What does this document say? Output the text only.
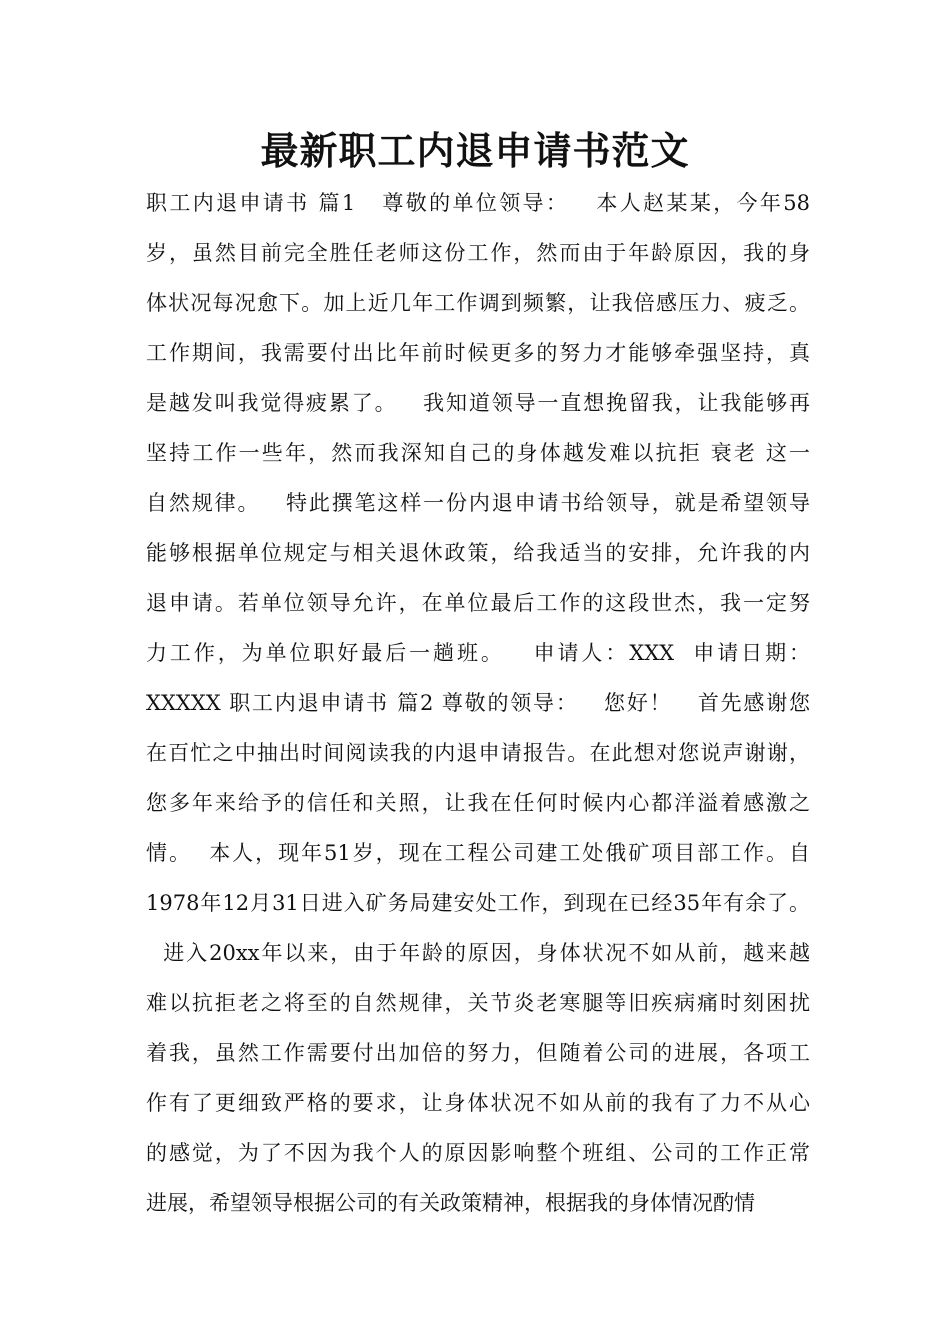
最新职工内退申请书范文
职工内退申请书 篇1   尊敬的单位领导：   本人赵某某，今年58
岁，虽然目前完全胜任老师这份工作，然而由于年龄原因，我的身
体状况每况愈下。加上近几年工作调到频繁，让我倍感压力、疲乏。
工作期间，我需要付出比年前时候更多的努力才能够牵强坚持，真
是越发叫我觉得疲累了。   我知道领导一直想挽留我，让我能够再
坚持工作一些年，然而我深知自己的身体越发难以抗拒 衰老 这一
自然规律。   特此撰笔这样一份内退申请书给领导，就是希望领导
能够根据单位规定与相关退休政策，给我适当的安排，允许我的内
退申请。若单位领导允许，在单位最后工作的这段世杰，我一定努
力工作，为单位职好最后一趟班。   申请人：XXX  申请日期：
XXXXX 职工内退申请书 篇2 尊敬的领导：   您好！   首先感谢您
在百忙之中抽出时间阅读我的内退申请报告。在此想对您说声谢谢，
您多年来给予的信任和关照，让我在任何时候内心都洋溢着感激之
情。  本人，现年51岁，现在工程公司建工处俄矿项目部工作。自
1978年12月31日进入矿务局建安处工作，到现在已经35年有余了。
进入20xx年以来，由于年龄的原因，身体状况不如从前，越来越
难以抗拒老之将至的自然规律，关节炎老寒腿等旧疾病痛时刻困扰
着我，虽然工作需要付出加倍的努力，但随着公司的进展，各项工
作有了更细致严格的要求，让身体状况不如从前的我有了力不从心
的感觉，为了不因为我个人的原因影响整个班组、公司的工作正常
进展，希望领导根据公司的有关政策精神，根据我的身体情况酌情
